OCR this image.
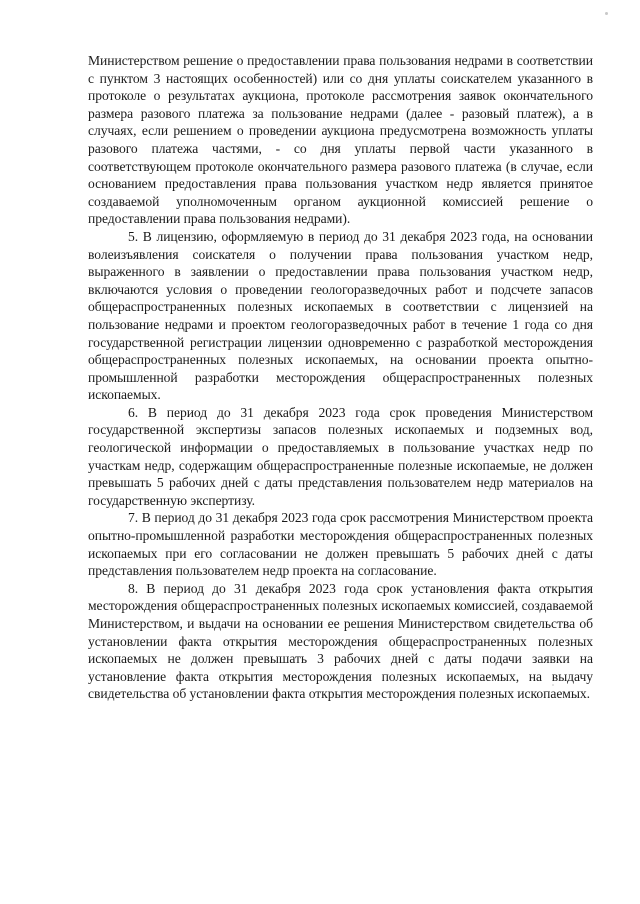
Министерством решение о предоставлении права пользования недрами в соответствии с пунктом 3 настоящих особенностей) или со дня уплаты соискателем указанного в протоколе о результатах аукциона, протоколе рассмотрения заявок окончательного размера разового платежа за пользование недрами (далее - разовый платеж), а в случаях, если решением о проведении аукциона предусмотрена возможность уплаты разового платежа частями, - со дня уплаты первой части указанного в соответствующем протоколе окончательного размера разового платежа (в случае, если основанием предоставления права пользования участком недр является принятое создаваемой уполномоченным органом аукционной комиссией решение о предоставлении права пользования недрами).

5. В лицензию, оформляемую в период до 31 декабря 2023 года, на основании волеизъявления соискателя о получении права пользования участком недр, выраженного в заявлении о предоставлении права пользования участком недр, включаются условия о проведении геологоразведочных работ и подсчете запасов общераспространенных полезных ископаемых в соответствии с лицензией на пользование недрами и проектом геологоразведочных работ в течение 1 года со дня государственной регистрации лицензии одновременно с разработкой месторождения общераспространенных полезных ископаемых, на основании проекта опытно-промышленной разработки месторождения общераспространенных полезных ископаемых.

6. В период до 31 декабря 2023 года срок проведения Министерством государственной экспертизы запасов полезных ископаемых и подземных вод, геологической информации о предоставляемых в пользование участках недр по участкам недр, содержащим общераспространенные полезные ископаемые, не должен превышать 5 рабочих дней с даты представления пользователем недр материалов на государственную экспертизу.

7. В период до 31 декабря 2023 года срок рассмотрения Министерством проекта опытно-промышленной разработки месторождения общераспространенных полезных ископаемых при его согласовании не должен превышать 5 рабочих дней с даты представления пользователем недр проекта на согласование.

8. В период до 31 декабря 2023 года срок установления факта открытия месторождения общераспространенных полезных ископаемых комиссией, создаваемой Министерством, и выдачи на основании ее решения Министерством свидетельства об установлении факта открытия месторождения общераспространенных полезных ископаемых не должен превышать 3 рабочих дней с даты подачи заявки на установление факта открытия месторождения полезных ископаемых, на выдачу свидетельства об установлении факта открытия месторождения полезных ископаемых.
